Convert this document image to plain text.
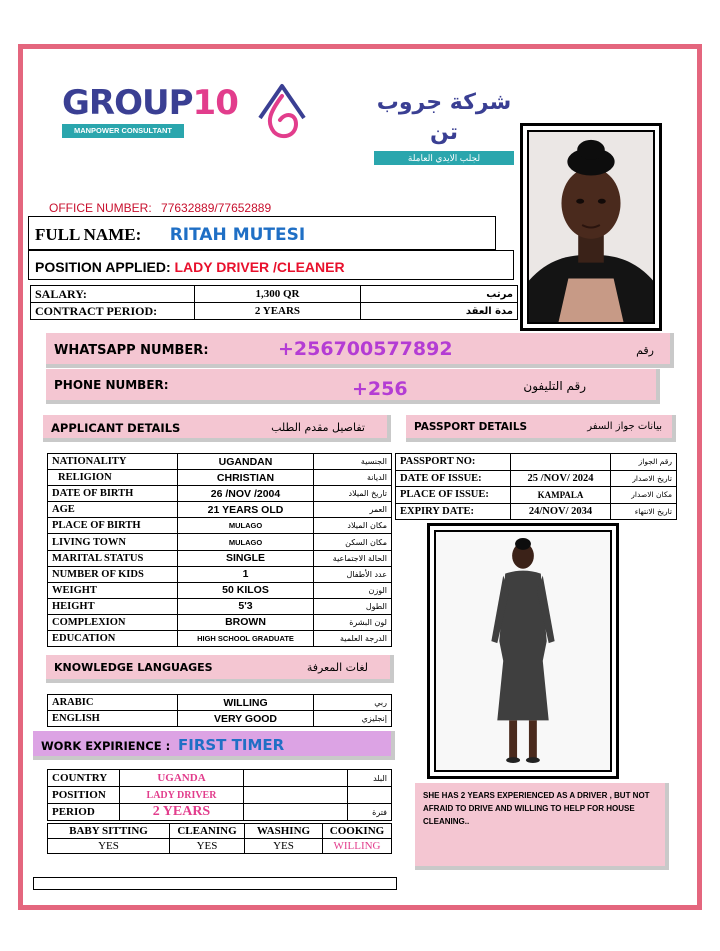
GROUP10
MANPOWER CONSULTANT
شركة جروب تن
لجلب الايدي العاملة
OFFICE NUMBER: 77632889/77652889
FULL NAME: RITAH MUTESI
POSITION APPLIED: LADY DRIVER /CLEANER
SALARY:	1,300 QR	مرتب
CONTRACT PERIOD:	2 YEARS	مدة العقد
WHATSAPP NUMBER:	+256700577892	رقم
PHONE NUMBER:	+256	رقم التليفون
APPLICANT DETAILS	تفاصيل مقدم الطلب	PASSPORT DETAILS	بيانات جواز السفر
NATIONALITY	UGANDAN	الجنسية
RELIGION	CHRISTIAN	الديانة
DATE OF BIRTH	26 /NOV /2004	تاريخ الميلاد
AGE	21 YEARS OLD	العمر
PLACE OF BIRTH	MULAGO	مكان الميلاد
LIVING TOWN	MULAGO	مكان السكن
MARITAL STATUS	SINGLE	الحالة الاجتماعية
NUMBER OF KIDS	1	عدد الأطفال
WEIGHT	50 KILOS	الوزن
HEIGHT	5'3	الطول
COMPLEXION	BROWN	لون البشرة
EDUCATION	HIGH SCHOOL GRADUATE	الدرجة العلمية
PASSPORT NO:		رقم الجواز
DATE OF ISSUE:	25 /NOV/ 2024	تاريخ الاصدار
PLACE OF ISSUE:	KAMPALA	مكان الاصدار
EXPIRY DATE:	24/NOV/ 2034	تاريخ الانتهاء
KNOWLEDGE LANGUAGES	لغات المعرفة
ARABIC	WILLING	ربي
ENGLISH	VERY GOOD	إنجليزي
WORK EXPIRIENCE : FIRST TIMER
COUNTRY	UGANDA		البلد
POSITION	LADY DRIVER		
PERIOD	2 YEARS		فترة
BABY SITTING	CLEANING	WASHING	COOKING
YES	YES	YES	WILLING
SHE HAS 2 YEARS EXPERIENCED AS A DRIVER , BUT NOT AFRAID TO DRIVE AND WILLING TO HELP FOR HOUSE CLEANING..
